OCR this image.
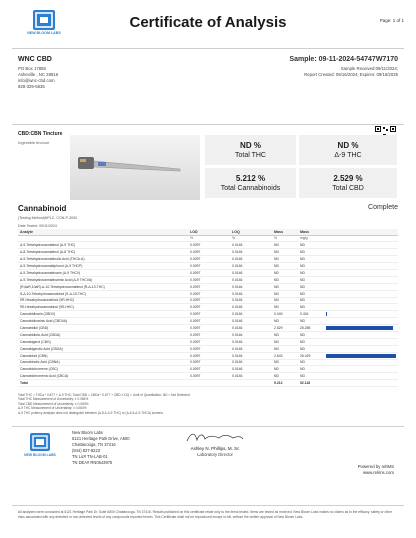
NEW BLOOM LABS
Certificate of Analysis	Page: 1 of 1
WNC CBD
PO Box 17865
Asheville , NC 28816
info@wnc-cbd.com
828-329-5835
Sample: 09-11-2024-54747W7170
Sample Received:09/11/2024;
Report Created: 09/16/2024; Expires: 09/16/2025
CBD:CBN Tincture
Ingestible tincture	ND %
Total THC
ND %
Δ-9 THC
5.212 %
Total Cannabinoids
2.529 %
Total CBD
Cannabinoid	Complete
(Testing Method)HPLC, CON-P-3000
Date Tested: 09/11/2024
Analyte	LOD	LOQ	Mass	Mass	
	%	%	%	mg/g	
Δ-9-Tetrahydrocannabinol (Δ-9 THC)	0.0097	0.0146	ND	ND	
Δ-8-Tetrahydrocannabinol (Δ-8 THC)	0.0097	0.0146	ND	ND	
Δ-9-Tetrahydrocannabinolic Acid (THCA-A)	0.0097	0.0146	ND	ND	
Δ-9-Tetrahydrocannabiphorol (Δ-9 THCP)	0.0097	0.0146	ND	ND	
Δ-9-Tetrahydrocannabivarin (Δ-9 THCV)	0.0097	0.0146	ND	ND	
Δ-9-Tetrahydrocannabivarinic Acid (Δ-9 THCVA)	0.0097	0.0146	ND	ND	
(R,6aR,10aR)-Δ-10-Tetrahydrocannabinol (R-Δ-10-THC)	0.0097	0.0146	ND	ND	
S-Δ-10-Tetrahydrocannabinol (S-Δ-10-THC)	0.0097	0.0146	ND	ND	
9R-Hexahydrocannabinol (9R-HHC)	0.0097	0.0146	ND	ND	
9S-Hexahydrocannabinol (9S-HHC)	0.0097	0.0146	ND	ND	
Cannabidivarin (CBDV)	0.0097	0.0146	0.040	0.404	

Cannabidivarinic Acid (CBDVA)	0.0097	0.0146	ND	ND	
Cannabidiol (CBD)	0.0097	0.0146	2.529	25.285	

Cannabidiolic Acid (CBDA)	0.0097	0.0146	ND	ND	
Cannabigerol (CBG)	0.0097	0.0146	ND	ND	
Cannabigerolic Acid (CBGA)	0.0097	0.0146	ND	ND	
Cannabinol (CBN)	0.0097	0.0146	2.643	26.429	

Cannabinolic Acid (CBNA)	0.0097	0.0146	ND	ND	
Cannabichromene (CBC)	0.0097	0.0146	ND	ND	
Cannabichromenic Acid (CBCA)	0.0097	0.0146	ND	ND	
Total			5.212	52.118	
Total THC = THCa * 0.877 + Δ-9 THC; Total CBD = CBDa * 0.877 + CBD; LOQ = Limit of Quantitation; ND = Not Detected.
Total THC Measurement of Uncertainty: ± 0.084%
Total CBD Measurement of Uncertainty: ± 0.084%
Δ-9 THC Measurement of Uncertainty: ± 0.084%
Δ-9 THC potency analysis does not distinguish between (Δ-8 & Δ-9 THC) or (Δ-8 & Δ-9 THCA) isomers
NEW BLOOM LABS
New Bloom Labs
6121 Heritage Park Drive, A500
Chattanooga, TN 37416
(844) 827-8223
TN Lic# TN-LAB-01
TN DEA# RN0543975
Ashley N. Phillips, M. Sc
Laboratory Director
Powered by relIMS
www.relims.com
All analyses were conducted at 6121 Heritage Park Dr. Suite A500 Chattanooga, TN 37416. Results published on this certificate relate only to the items tested. Items are tested as received. New Bloom Labs makes no claims as to the efficacy, safety or other risks associated with any detected or non-detected levels of any compounds reported herein. This Certificate shall not be reproduced except in full, without the written approval of New Bloom Labs.
